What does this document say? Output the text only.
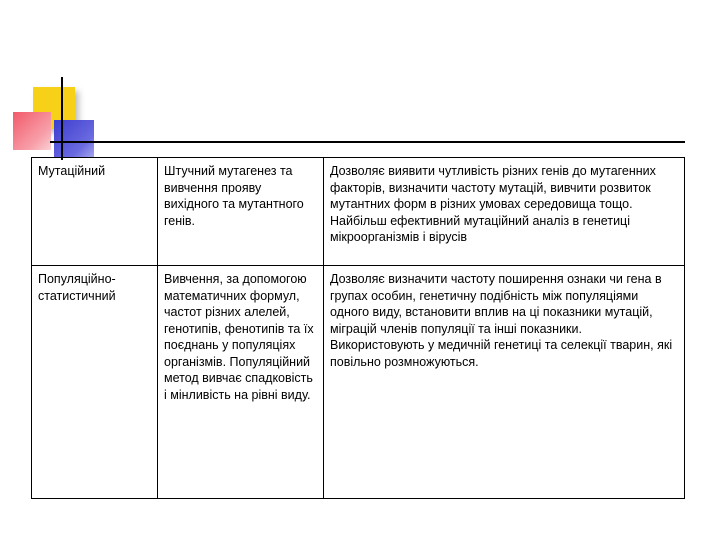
Мутаційний	Штучний мутагенез та вивчення прояву вихідного та мутантного генів.	Дозволяє виявити чутливість різних генів до мутагенних факторів, визначити частоту мутацій, вивчити розвиток мутантних форм в різних умовах середовища тощо. Найбільш ефективний мутаційний аналіз в генетиці мікроорганізмів і вірусів
Популяційно-статистичний	Вивчення, за допомогою математичних формул, частот різних алелей, генотипів, фенотипів та їх поєднань у популяціях організмів. Популяційний метод вивчає спадковість і мінливість на рівні виду.	Дозволяє визначити частоту поширення ознаки чи гена в групах особин, генетичну подібність між популяціями одного виду, встановити вплив на ці показники мутацій, міграцій членів популяції та інші показники. Використовують у медичній генетиці та селекції тварин, які повільно розмножуються.
